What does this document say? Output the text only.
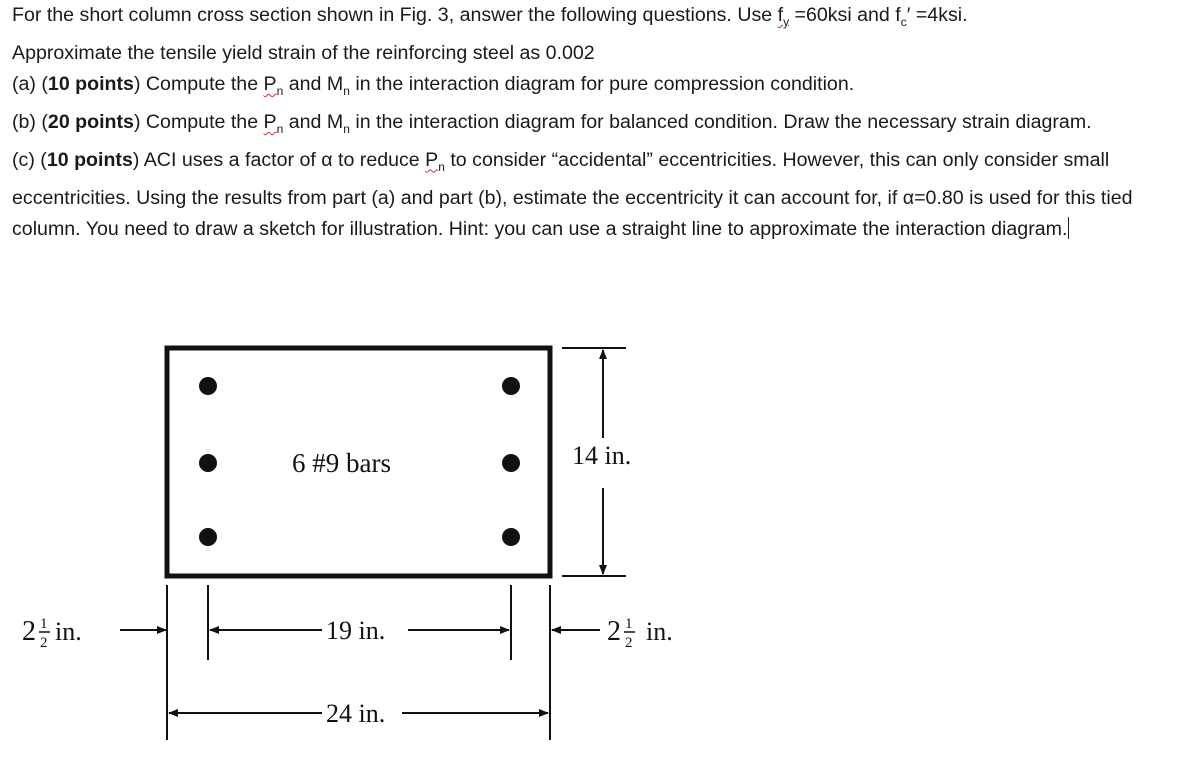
For the short column cross section shown in Fig. 3, answer the following questions. Use $f_y =60ksi$ and $f_c' =4ksi$.

Approximate the tensile yield strain of the reinforcing steel as 0.002

(a) (10 points) Compute the $P_n$ and $M_n$ in the interaction diagram for pure compression condition.

(b) (20 points) Compute the $P_n$ and $M_n$ in the interaction diagram for balanced condition. Draw the necessary strain diagram.

(c) (10 points) ACI uses a factor of α to reduce $P_n$ to consider “accidental” eccentricities. However, this can only consider small eccentricities. Using the results from part (a) and part (b), estimate the eccentricity it can account for, if α=0.80 is used for this tied column. You need to draw a sketch for illustration. Hint: you can use a straight line to approximate the interaction diagram.

6 #9 bars	14 in.
19 in.
24 in.
2 1
2 in.	2 1
2 in.
